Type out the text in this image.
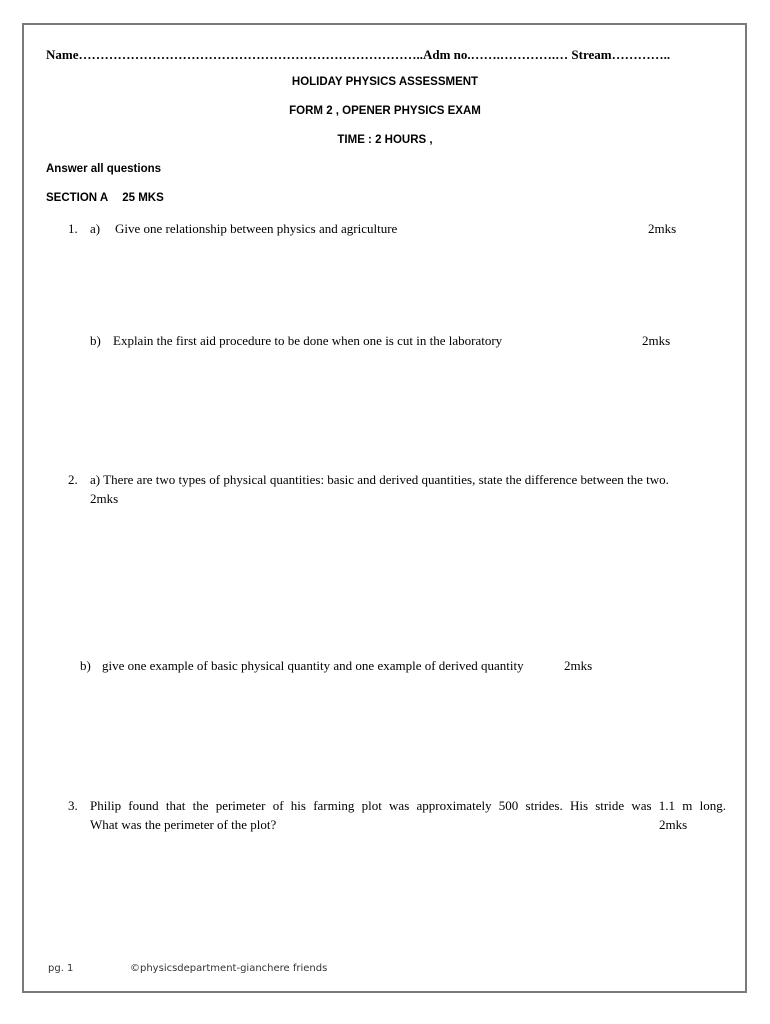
Name……………………………………………………………………..Adm no.…….………….… Stream…………..
HOLIDAY PHYSICS ASSESSMENT
FORM 2 , OPENER PHYSICS EXAM
TIME : 2 HOURS ,
Answer all questions
SECTION A 25 MKS
1. a) Give one relationship between physics and agriculture	2mks
b) Explain the first aid procedure to be done when one is cut in the laboratory	2mks
2. a) There are two types of physical quantities: basic and derived quantities, state the difference between the two.
2mks
b) give one example of basic physical quantity and one example of derived quantity	2mks
3. Philip found that the perimeter of his farming plot was approximately 500 strides. His stride was 1.1 m long.
What was the perimeter of the plot?	2mks
pg. 1	©physicsdepartment-gianchere friends
